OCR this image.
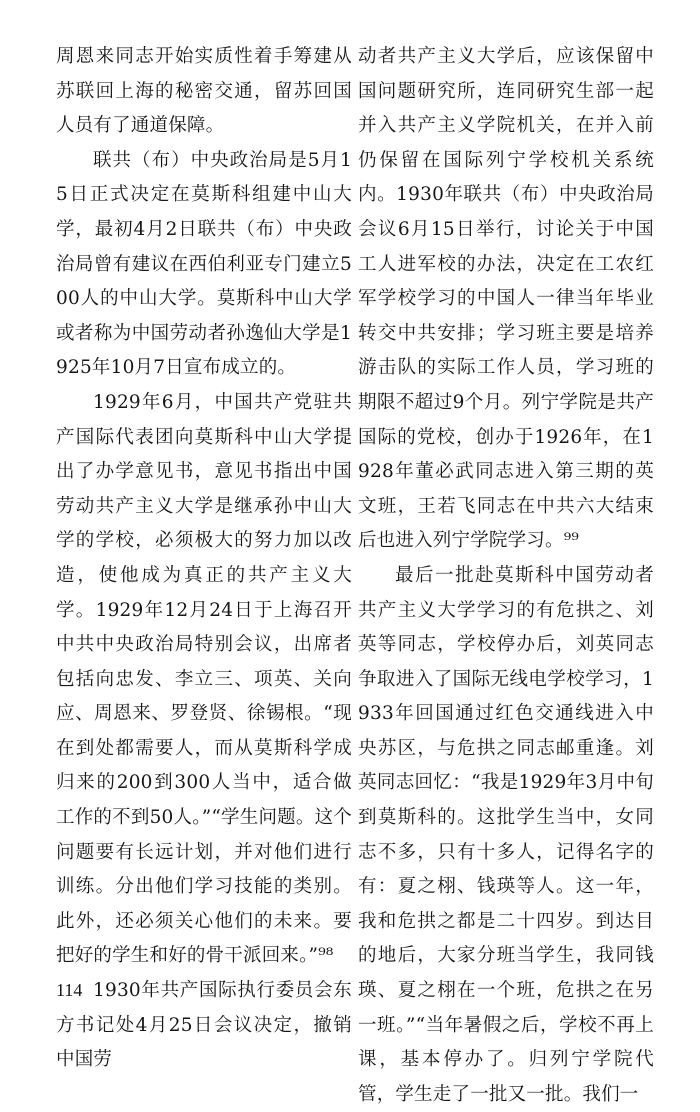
周恩来同志开始实质性着手筹建从苏联回上海的秘密交通，留苏回国人员有了通道保障。

联共（布）中央政治局是5月15日正式决定在莫斯科组建中山大学，最初4月2日联共（布）中央政治局曾有建议在西伯利亚专门建立500人的中山大学。莫斯科中山大学或者称为中国劳动者孙逸仙大学是1925年10月7日宣布成立的。

1929年6月，中国共产党驻共产国际代表团向莫斯科中山大学提出了办学意见书，意见书指出中国劳动共产主义大学是继承孙中山大学的学校，必须极大的努力加以改造，使他成为真正的共产主义大学。1929年12月24日于上海召开中共中央政治局特别会议，出席者包括向忠发、李立三、项英、关向应、周恩来、罗登贤、徐锡根。“现在到处都需要人，而从莫斯科学成归来的200到300人当中，适合做工作的不到50人。”“学生问题。这个问题要有长远计划，并对他们进行训练。分出他们学习技能的类别。此外，还必须关心他们的未来。要把好的学生和好的骨干派回来。”⁹⁸

1930年共产国际执行委员会东方书记处4月25日会议决定，撤销中国劳

动者共产主义大学后，应该保留中国问题研究所，连同研究生部一起并入共产主义学院机关，在并入前仍保留在国际列宁学校机关系统内。1930年联共（布）中央政治局会议6月15日举行，讨论关于中国工人进军校的办法，决定在工农红军学校学习的中国人一律当年毕业转交中共安排；学习班主要是培养游击队的实际工作人员，学习班的期限不超过9个月。列宁学院是共产国际的党校，创办于1926年，在1928年董必武同志进入第三期的英文班，王若飞同志在中共六大结束后也进入列宁学院学习。⁹⁹

最后一批赴莫斯科中国劳动者共产主义大学学习的有危拱之、刘英等同志，学校停办后，刘英同志争取进入了国际无线电学校学习，1933年回国通过红色交通线进入中央苏区，与危拱之同志邮重逢。刘英同志回忆：“我是1929年3月中旬到莫斯科的。这批学生当中，女同志不多，只有十多人，记得名字的有：夏之栩、钱瑛等人。这一年，我和危拱之都是二十四岁。到达目的地后，大家分班当学生，我同钱瑛、夏之栩在一个班，危拱之在另一班。”“当年暑假之后，学校不再上课，基本停办了。归列宁学院代管，学生走了一批又一批。我们一

114
